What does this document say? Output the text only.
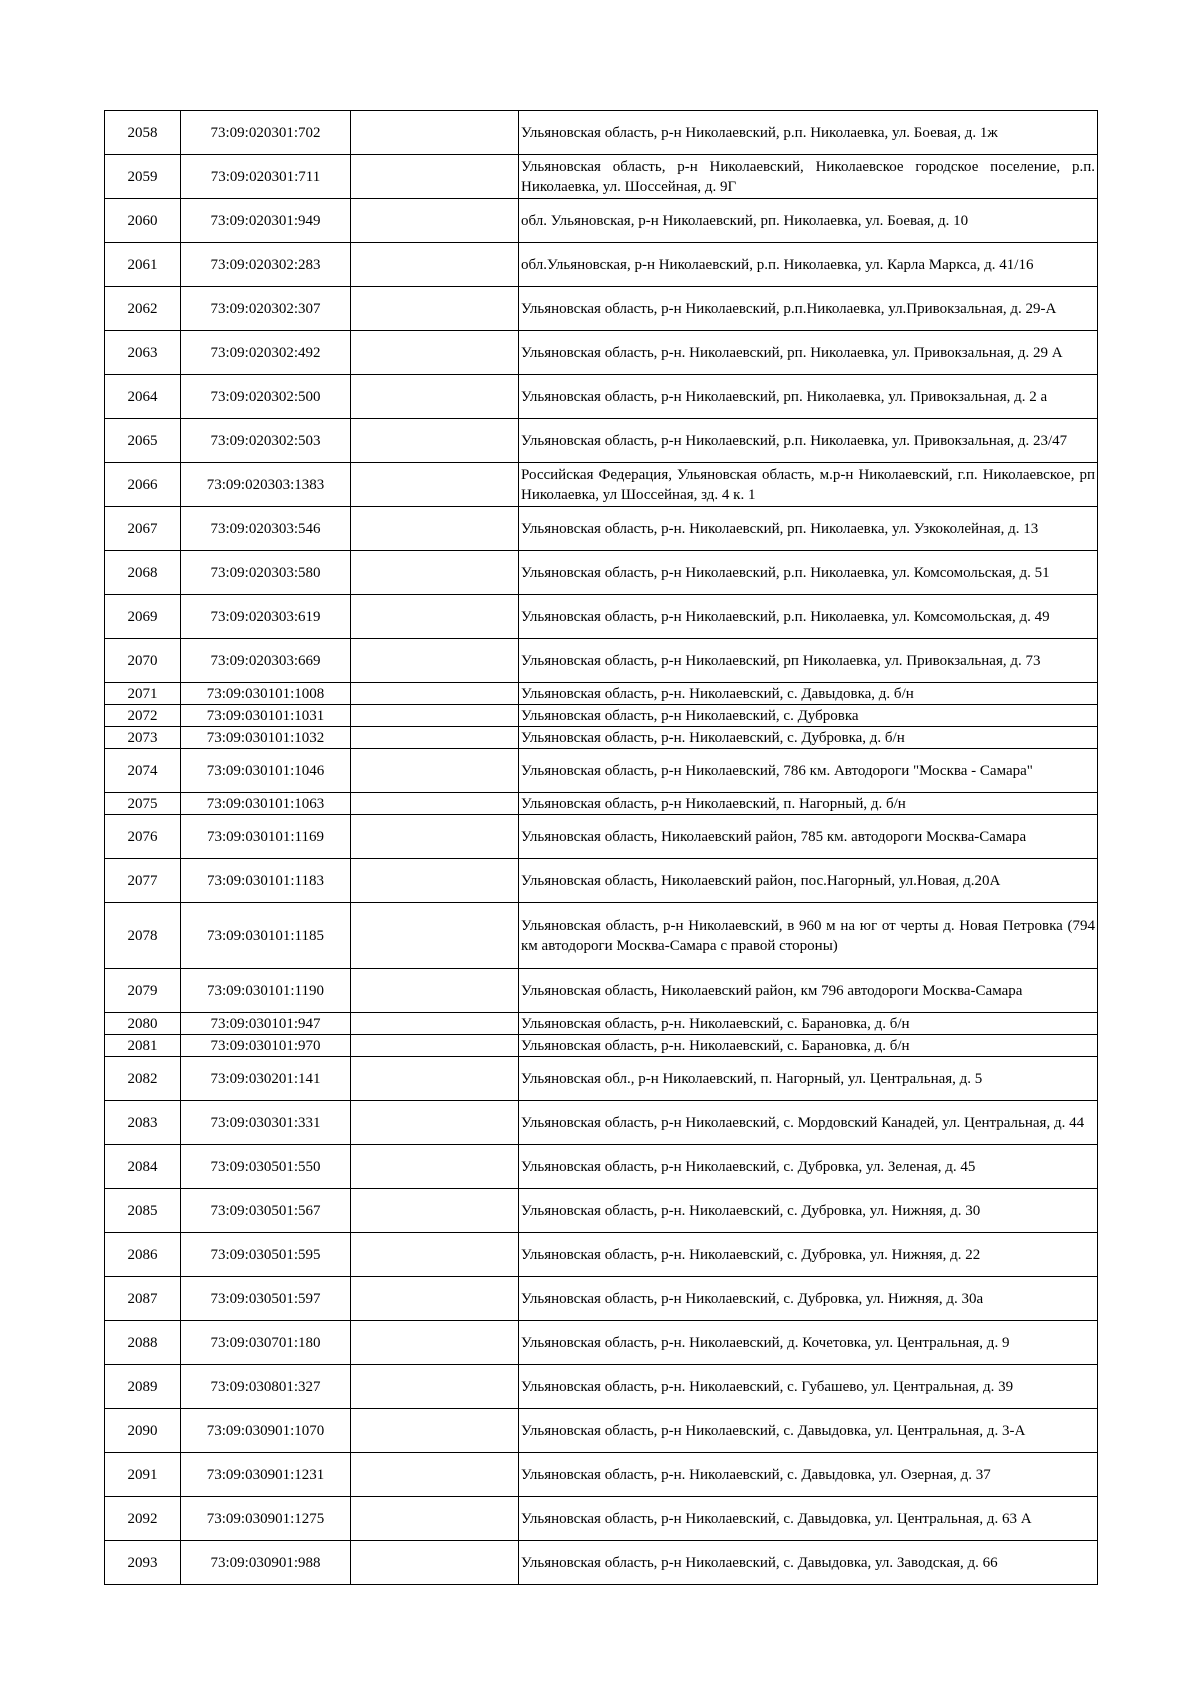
2058	73:09:020301:702		Ульяновская область, р-н Николаевский, р.п. Николаевка, ул. Боевая, д. 1ж
2059	73:09:020301:711		Ульяновская область, р-н Николаевский, Николаевское городское поселение, р.п. Николаевка, ул. Шоссейная, д. 9Г
2060	73:09:020301:949		обл. Ульяновская, р-н Николаевский, рп. Николаевка, ул. Боевая, д. 10
2061	73:09:020302:283		обл.Ульяновская, р-н Николаевский, р.п. Николаевка, ул. Карла Маркса, д. 41/16
2062	73:09:020302:307		Ульяновская область, р-н Николаевский, р.п.Николаевка, ул.Привокзальная, д. 29-А
2063	73:09:020302:492		Ульяновская область, р-н. Николаевский, рп. Николаевка, ул. Привокзальная, д. 29 А
2064	73:09:020302:500		Ульяновская область, р-н Николаевский, рп. Николаевка, ул. Привокзальная, д. 2 а
2065	73:09:020302:503		Ульяновская область, р-н Николаевский, р.п. Николаевка, ул. Привокзальная, д. 23/47
2066	73:09:020303:1383		Российская Федерация, Ульяновская область, м.р-н Николаевский, г.п. Николаевское, рп Николаевка, ул Шоссейная, зд. 4 к. 1
2067	73:09:020303:546		Ульяновская область, р-н. Николаевский, рп. Николаевка, ул. Узкоколейная, д. 13
2068	73:09:020303:580		Ульяновская область, р-н Николаевский, р.п. Николаевка, ул. Комсомольская, д. 51
2069	73:09:020303:619		Ульяновская область, р-н Николаевский, р.п. Николаевка, ул. Комсомольская, д. 49
2070	73:09:020303:669		Ульяновская область, р-н Николаевский, рп Николаевка, ул. Привокзальная, д. 73
2071	73:09:030101:1008		Ульяновская область, р-н. Николаевский, с. Давыдовка, д. б/н
2072	73:09:030101:1031		Ульяновская область, р-н Николаевский, с. Дубровка
2073	73:09:030101:1032		Ульяновская область, р-н. Николаевский, с. Дубровка, д. б/н
2074	73:09:030101:1046		Ульяновская область, р-н Николаевский, 786 км. Автодороги "Москва - Самара"
2075	73:09:030101:1063		Ульяновская область, р-н Николаевский, п. Нагорный, д. б/н
2076	73:09:030101:1169		Ульяновская область, Николаевский район, 785 км. автодороги Москва-Самара
2077	73:09:030101:1183		Ульяновская область, Николаевский район, пос.Нагорный, ул.Новая, д.20А
2078	73:09:030101:1185		Ульяновская область, р-н Николаевский, в 960 м на юг от черты д. Новая Петровка (794 км автодороги Москва-Самара с правой стороны)
2079	73:09:030101:1190		Ульяновская область, Николаевский район, км 796 автодороги Москва-Самара
2080	73:09:030101:947		Ульяновская область, р-н. Николаевский, с. Барановка, д. б/н
2081	73:09:030101:970		Ульяновская область, р-н. Николаевский, с. Барановка, д. б/н
2082	73:09:030201:141		Ульяновская обл., р-н Николаевский, п. Нагорный, ул. Центральная, д. 5
2083	73:09:030301:331		Ульяновская область, р-н Николаевский, с. Мордовский Канадей, ул. Центральная, д. 44
2084	73:09:030501:550		Ульяновская область, р-н Николаевский, с. Дубровка, ул. Зеленая, д. 45
2085	73:09:030501:567		Ульяновская область, р-н. Николаевский, с. Дубровка, ул. Нижняя, д. 30
2086	73:09:030501:595		Ульяновская область, р-н. Николаевский, с. Дубровка, ул. Нижняя, д. 22
2087	73:09:030501:597		Ульяновская область, р-н Николаевский, с. Дубровка, ул. Нижняя, д. 30а
2088	73:09:030701:180		Ульяновская область, р-н. Николаевский, д. Кочетовка, ул. Центральная, д. 9
2089	73:09:030801:327		Ульяновская область, р-н. Николаевский, с. Губашево, ул. Центральная, д. 39
2090	73:09:030901:1070		Ульяновская область, р-н Николаевский, с. Давыдовка, ул. Центральная, д. 3-А
2091	73:09:030901:1231		Ульяновская область, р-н. Николаевский, с. Давыдовка, ул. Озерная, д. 37
2092	73:09:030901:1275		Ульяновская область, р-н Николаевский, с. Давыдовка, ул. Центральная, д. 63 А
2093	73:09:030901:988		Ульяновская область, р-н Николаевский, с. Давыдовка, ул. Заводская, д. 66
